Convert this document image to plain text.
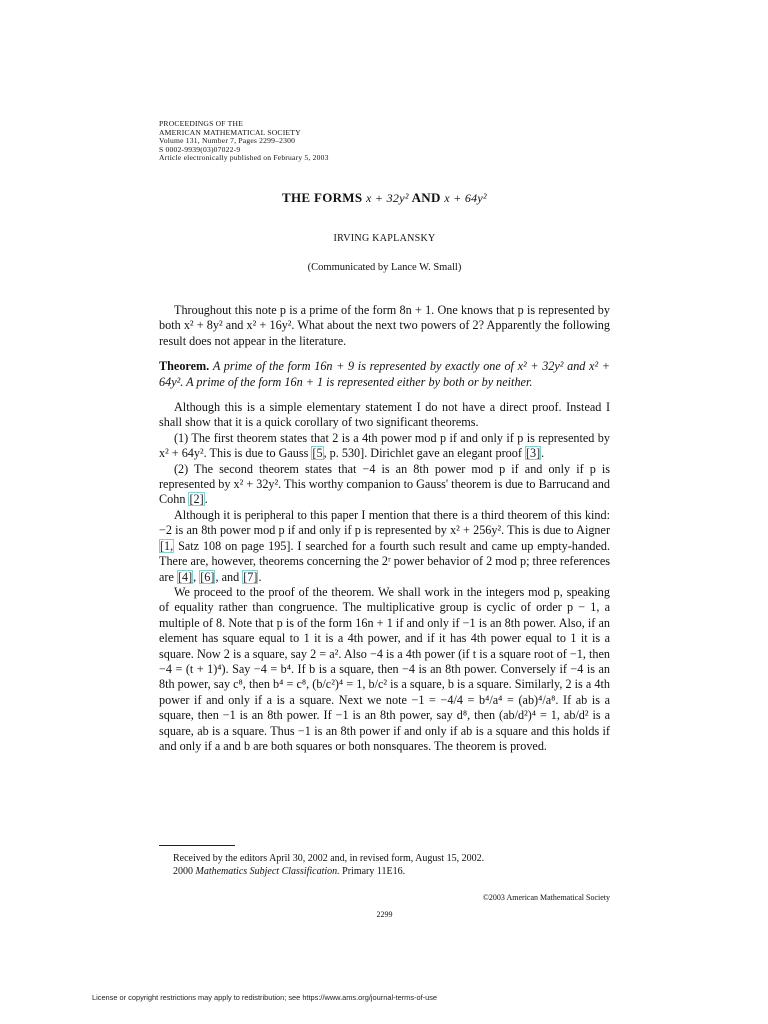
PROCEEDINGS OF THE
AMERICAN MATHEMATICAL SOCIETY
Volume 131, Number 7, Pages 2299–2300
S 0002-9939(03)07022-9
Article electronically published on February 5, 2003
THE FORMS x + 32y² AND x + 64y²
IRVING KAPLANSKY
(Communicated by Lance W. Small)

Throughout this note p is a prime of the form 8n + 1. One knows that p is represented by both x² + 8y² and x² + 16y². What about the next two powers of 2? Apparently the following result does not appear in the literature.

Theorem. A prime of the form 16n + 9 is represented by exactly one of x² + 32y² and x² + 64y². A prime of the form 16n + 1 is represented either by both or by neither.

Although this is a simple elementary statement I do not have a direct proof. Instead I shall show that it is a quick corollary of two significant theorems.

(1) The first theorem states that 2 is a 4th power mod p if and only if p is represented by x² + 64y². This is due to Gauss [5, p. 530]. Dirichlet gave an elegant proof [3].

(2) The second theorem states that −4 is an 8th power mod p if and only if p is represented by x² + 32y². This worthy companion to Gauss' theorem is due to Barrucand and Cohn [2].

Although it is peripheral to this paper I mention that there is a third theorem of this kind: −2 is an 8th power mod p if and only if p is represented by x² + 256y². This is due to Aigner [1, Satz 108 on page 195]. I searched for a fourth such result and came up empty-handed. There are, however, theorems concerning the 2ʳ power behavior of 2 mod p; three references are [4], [6], and [7].

We proceed to the proof of the theorem. We shall work in the integers mod p, speaking of equality rather than congruence. The multiplicative group is cyclic of order p − 1, a multiple of 8. Note that p is of the form 16n + 1 if and only if −1 is an 8th power. Also, if an element has square equal to 1 it is a 4th power, and if it has 4th power equal to 1 it is a square. Now 2 is a square, say 2 = a². Also −4 is a 4th power (if t is a square root of −1, then −4 = (t + 1)⁴). Say −4 = b⁴. If b is a square, then −4 is an 8th power. Conversely if −4 is an 8th power, say c⁸, then b⁴ = c⁸, (b/c²)⁴ = 1, b/c² is a square, b is a square. Similarly, 2 is a 4th power if and only if a is a square. Next we note −1 = −4/4 = b⁴/a⁴ = (ab)⁴/a⁸. If ab is a square, then −1 is an 8th power. If −1 is an 8th power, say d⁸, then (ab/d²)⁴ = 1, ab/d² is a square, ab is a square. Thus −1 is an 8th power if and only if ab is a square and this holds if and only if a and b are both squares or both nonsquares. The theorem is proved.

Received by the editors April 30, 2002 and, in revised form, August 15, 2002.
2000 Mathematics Subject Classification. Primary 11E16.
©2003 American Mathematical Society
2299
License or copyright restrictions may apply to redistribution; see https://www.ams.org/journal-terms-of-use
